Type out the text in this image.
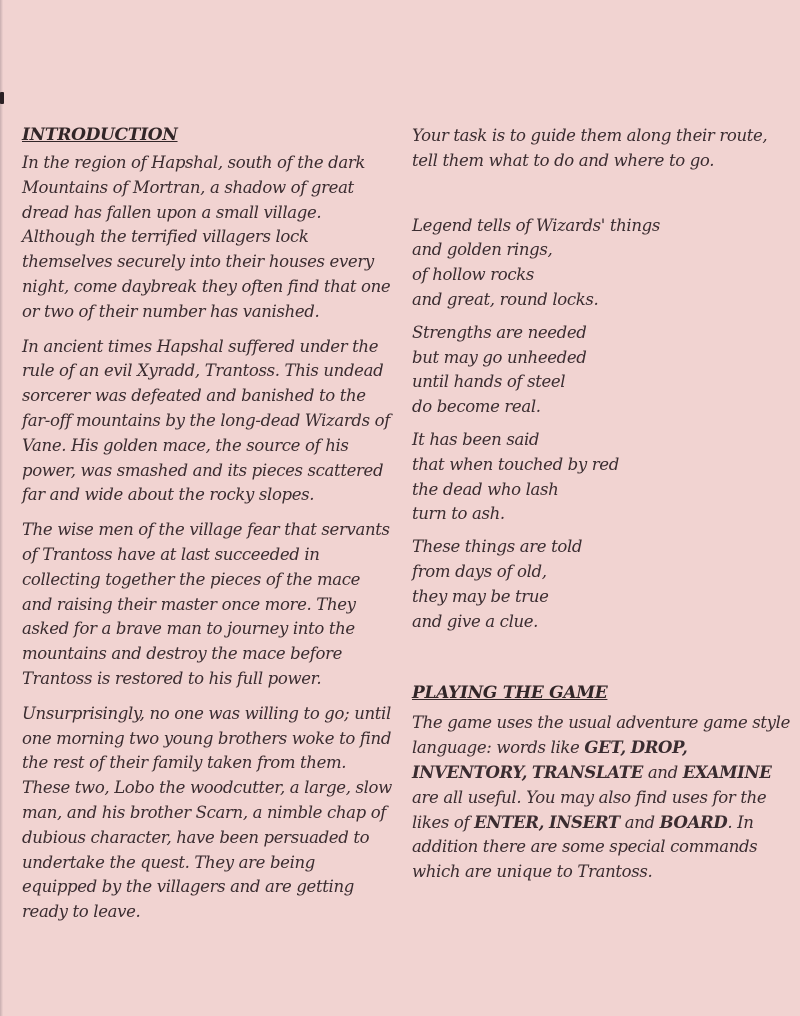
INTRODUCTION

In the region of Hapshal, south of the dark Mountains of Mortran, a shadow of great dread has fallen upon a small village. Although the terrified villagers lock themselves securely into their houses every night, come daybreak they often find that one or two of their number has vanished.

In ancient times Hapshal suffered under the rule of an evil Xyradd, Trantoss. This undead sorcerer was defeated and banished to the far-off mountains by the long-dead Wizards of Vane. His golden mace, the source of his power, was smashed and its pieces scattered far and wide about the rocky slopes.

The wise men of the village fear that servants of Trantoss have at last succeeded in collecting together the pieces of the mace and raising their master once more. They asked for a brave man to journey into the mountains and destroy the mace before Trantoss is restored to his full power.

Unsurprisingly, no one was willing to go; until one morning two young brothers woke to find the rest of their family taken from them. These two, Lobo the woodcutter, a large, slow man, and his brother Scarn, a nimble chap of dubious character, have been persuaded to undertake the quest. They are being equipped by the villagers and are getting ready to leave.

Your task is to guide them along their route, tell them what to do and where to go.

Legend tells of Wizards' things
and golden rings,
of hollow rocks
and great, round locks.
Strengths are needed
but may go unheeded
until hands of steel
do become real.
It has been said
that when touched by red
the dead who lash
turn to ash.
These things are told
from days of old,
they may be true
and give a clue.
PLAYING THE GAME

The game uses the usual adventure game style language: words like GET, DROP, INVENTORY, TRANSLATE and EXAMINE are all useful. You may also find uses for the likes of ENTER, INSERT and BOARD. In addition there are some special commands which are unique to Trantoss.
